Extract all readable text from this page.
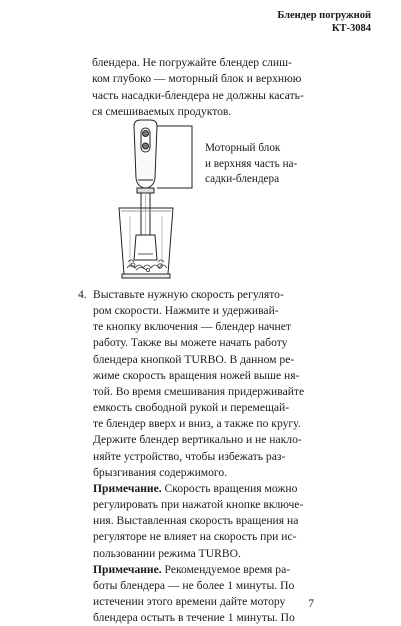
Блендер погружной
КТ-3084
блендера. Не погружайте блендер слиш-
ком глубоко — моторный блок и верхнюю
часть насадки-блендера не должны касать-
ся смешиваемых продуктов.
Моторный блок
и верхняя часть на-
садки-блендера
4. Выставьте нужную скорость регулято-
ром скорости. Нажмите и удерживай-
те кнопку включения — блендер начнет
работу. Также вы можете начать работу
блендера кнопкой TURBO. В данном ре-
жиме скорость вращения ножей выше ня-
той. Во время смешивания придерживайте
емкость свободной рукой и перемещай-
те блендер вверх и вниз, а также по кругу.
Держите блендер вертикально и не накло-
няйте устройство, чтобы избежать раз-
брызгивания содержимого.
Примечание. Скорость вращения можно
регулировать при нажатой кнопке включе-
ния. Выставленная скорость вращения на
регуляторе не влияет на скорость при ис-
пользовании режима TURBO.
Примечание. Рекомендуемое время ра-
боты блендера — не более 1 минуты. По
истечении этого времени дайте мотору
блендера остыть в течение 1 минуты. По
7
